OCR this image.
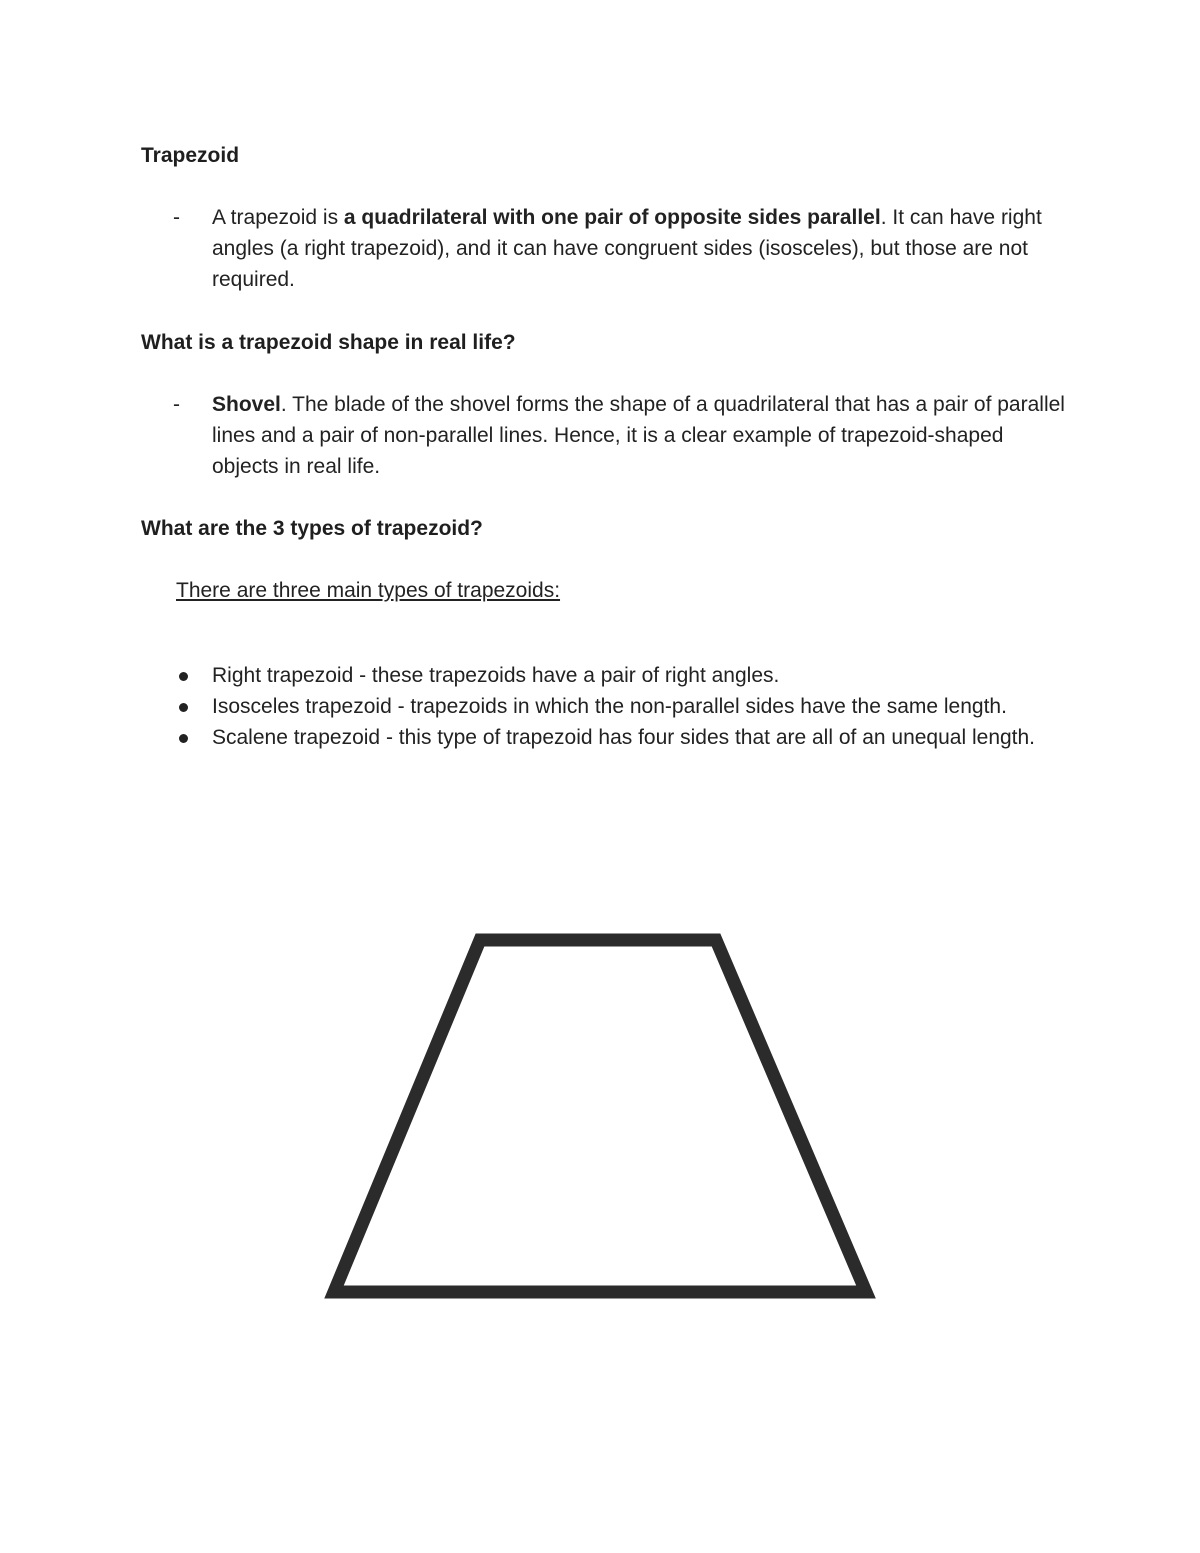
Trapezoid
- A trapezoid is a quadrilateral with one pair of opposite sides parallel. It can have right angles (a right trapezoid), and it can have congruent sides (isosceles), but those are not required.
What is a trapezoid shape in real life?
- Shovel. The blade of the shovel forms the shape of a quadrilateral that has a pair of parallel lines and a pair of non-parallel lines. Hence, it is a clear example of trapezoid-shaped objects in real life.
What are the 3 types of trapezoid?
There are three main types of trapezoids:
Right trapezoid - these trapezoids have a pair of right angles.
Isosceles trapezoid - trapezoids in which the non-parallel sides have the same length.
Scalene trapezoid - this type of trapezoid has four sides that are all of an unequal length.
